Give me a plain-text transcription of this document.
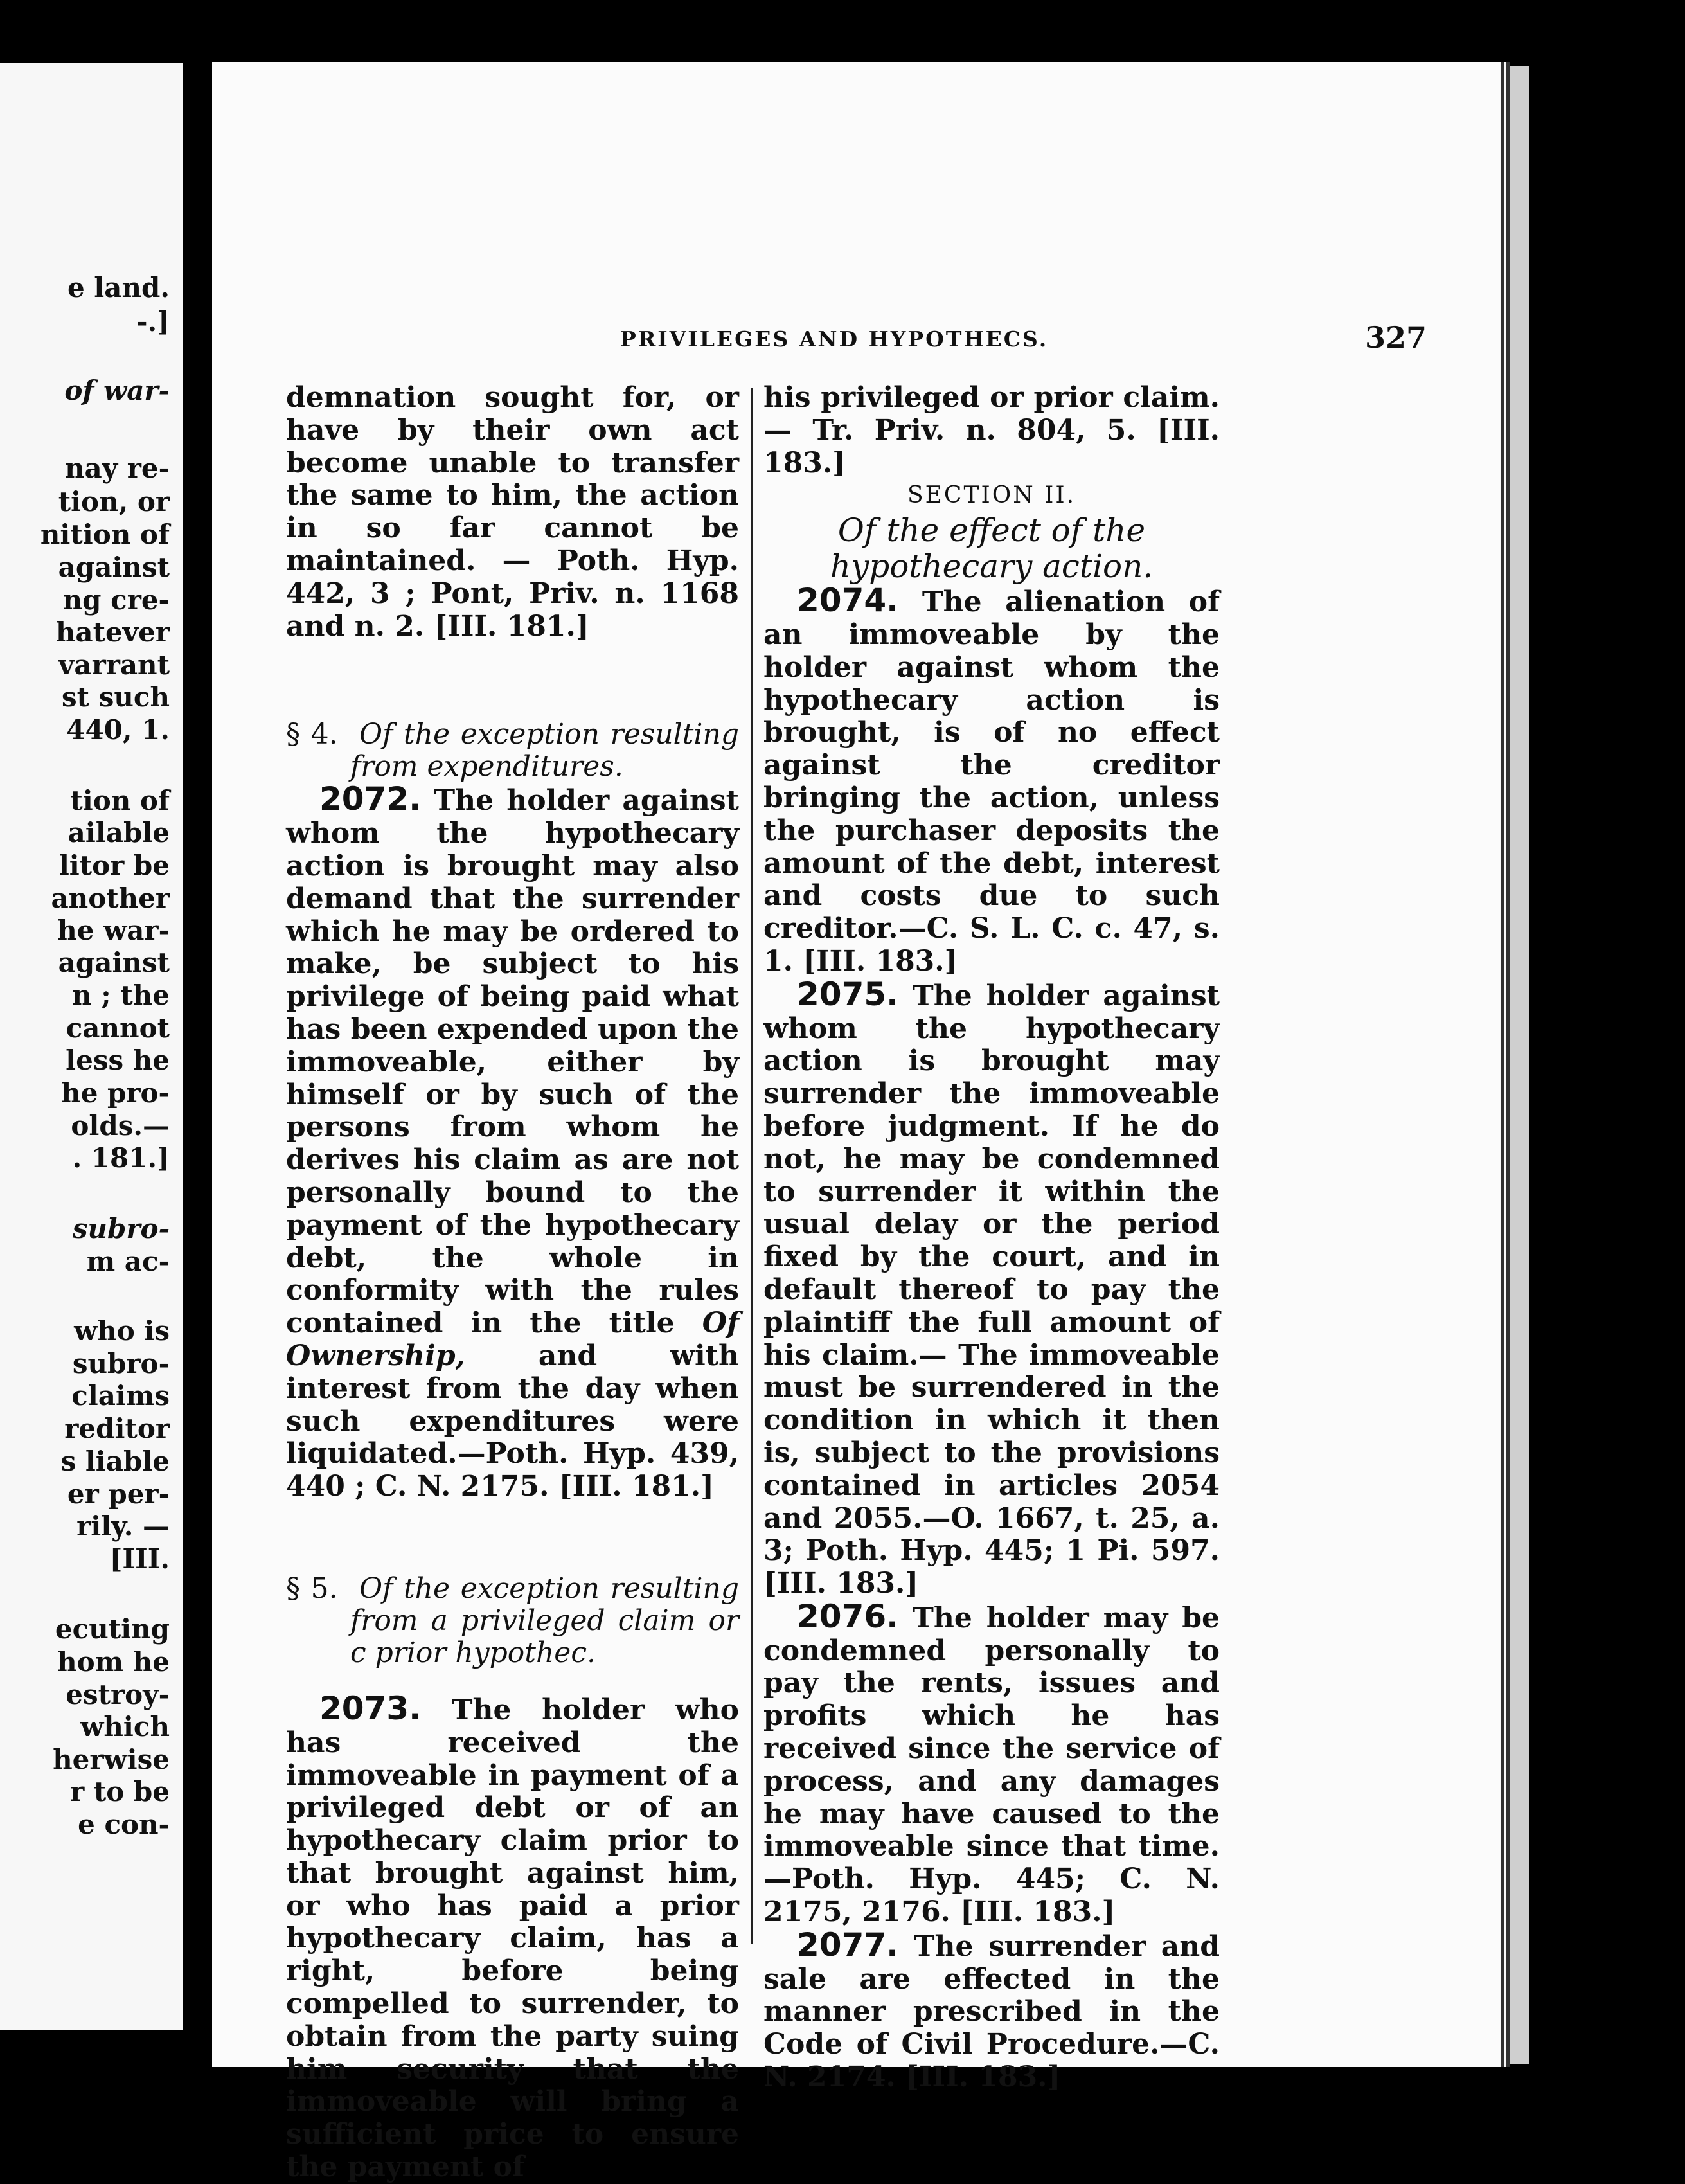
e land.
-.]
of war-
nay re-
tion, or
nition of
against
ng cre-
hatever
varrant
st such
440, 1.
tion of
ailable
litor be
another
he war-
against
n ; the
cannot
less he
he pro-
olds.—
. 181.]
subro-
m ac-
who is
subro-
claims
reditor
s liable
er per-
rily. —
[III.
ecuting
hom he
estroy-
which
herwise
r to be
e con-
PRIVILEGES AND HYPOTHECS.	327

demnation sought for, or have by their own act become unable to transfer the same to him, the action in so far cannot be maintained. — Poth. Hyp. 442, 3 ; Pont, Priv. n. 1168 and n. 2. [III. 181.]

§ 4. Of the exception resulting from expenditures.

2072. The holder against whom the hypothecary action is brought may also demand that the surrender which he may be ordered to make, be subject to his privilege of being paid what has been expended upon the immoveable, either by himself or by such of the persons from whom he derives his claim as are not personally bound to the payment of the hypothecary debt, the whole in conformity with the rules contained in the title Of Ownership,	and with interest from the day when such expenditures were liquidated.—Poth. Hyp. 439, 440 ; C. N. 2175. [III. 181.]

§ 5. Of the exception resulting from a privileged claim or c prior hypothec.

2073. The holder who has received the immoveable in payment of a privileged debt or of an hypothecary claim prior to that brought against him, or who has paid a prior hypothecary claim, has a right, before being compelled to surrender, to obtain from the party suing him security that the immoveable will bring a sufficient price to ensure the payment of

his privileged or prior claim.— Tr. Priv. n. 804, 5. [III. 183.]

SECTION II.

Of the effect of the hypothecary action.

2074. The alienation of an immoveable by the holder against whom the hypothecary action is brought, is of no effect against the creditor bringing the action, unless the purchaser deposits the amount of the debt, interest and costs due to such creditor.—C. S. L. C. c. 47, s. 1. [III. 183.]

2075. The holder against whom the hypothecary action is brought may surrender the immoveable before judgment. If he do not, he may be condemned to surrender it within the usual delay or the period fixed by the court, and in default thereof to pay the plaintiff the full amount of his claim.— The immoveable must be surrendered in the condition in which it then is, subject to the provisions contained in articles 2054 and 2055.—O. 1667, t. 25, a. 3; Poth. Hyp. 445; 1 Pi. 597. [III. 183.]

2076. The holder may be condemned personally to pay the rents, issues and profits which he has received since the service of process, and any damages he may have caused to the immoveable since that time.—Poth. Hyp. 445; C. N. 2175, 2176. [III. 183.]

2077. The surrender and sale are effected in the manner prescribed in the Code of Civil Procedure.—C. N. 2174. [III. 183.]
